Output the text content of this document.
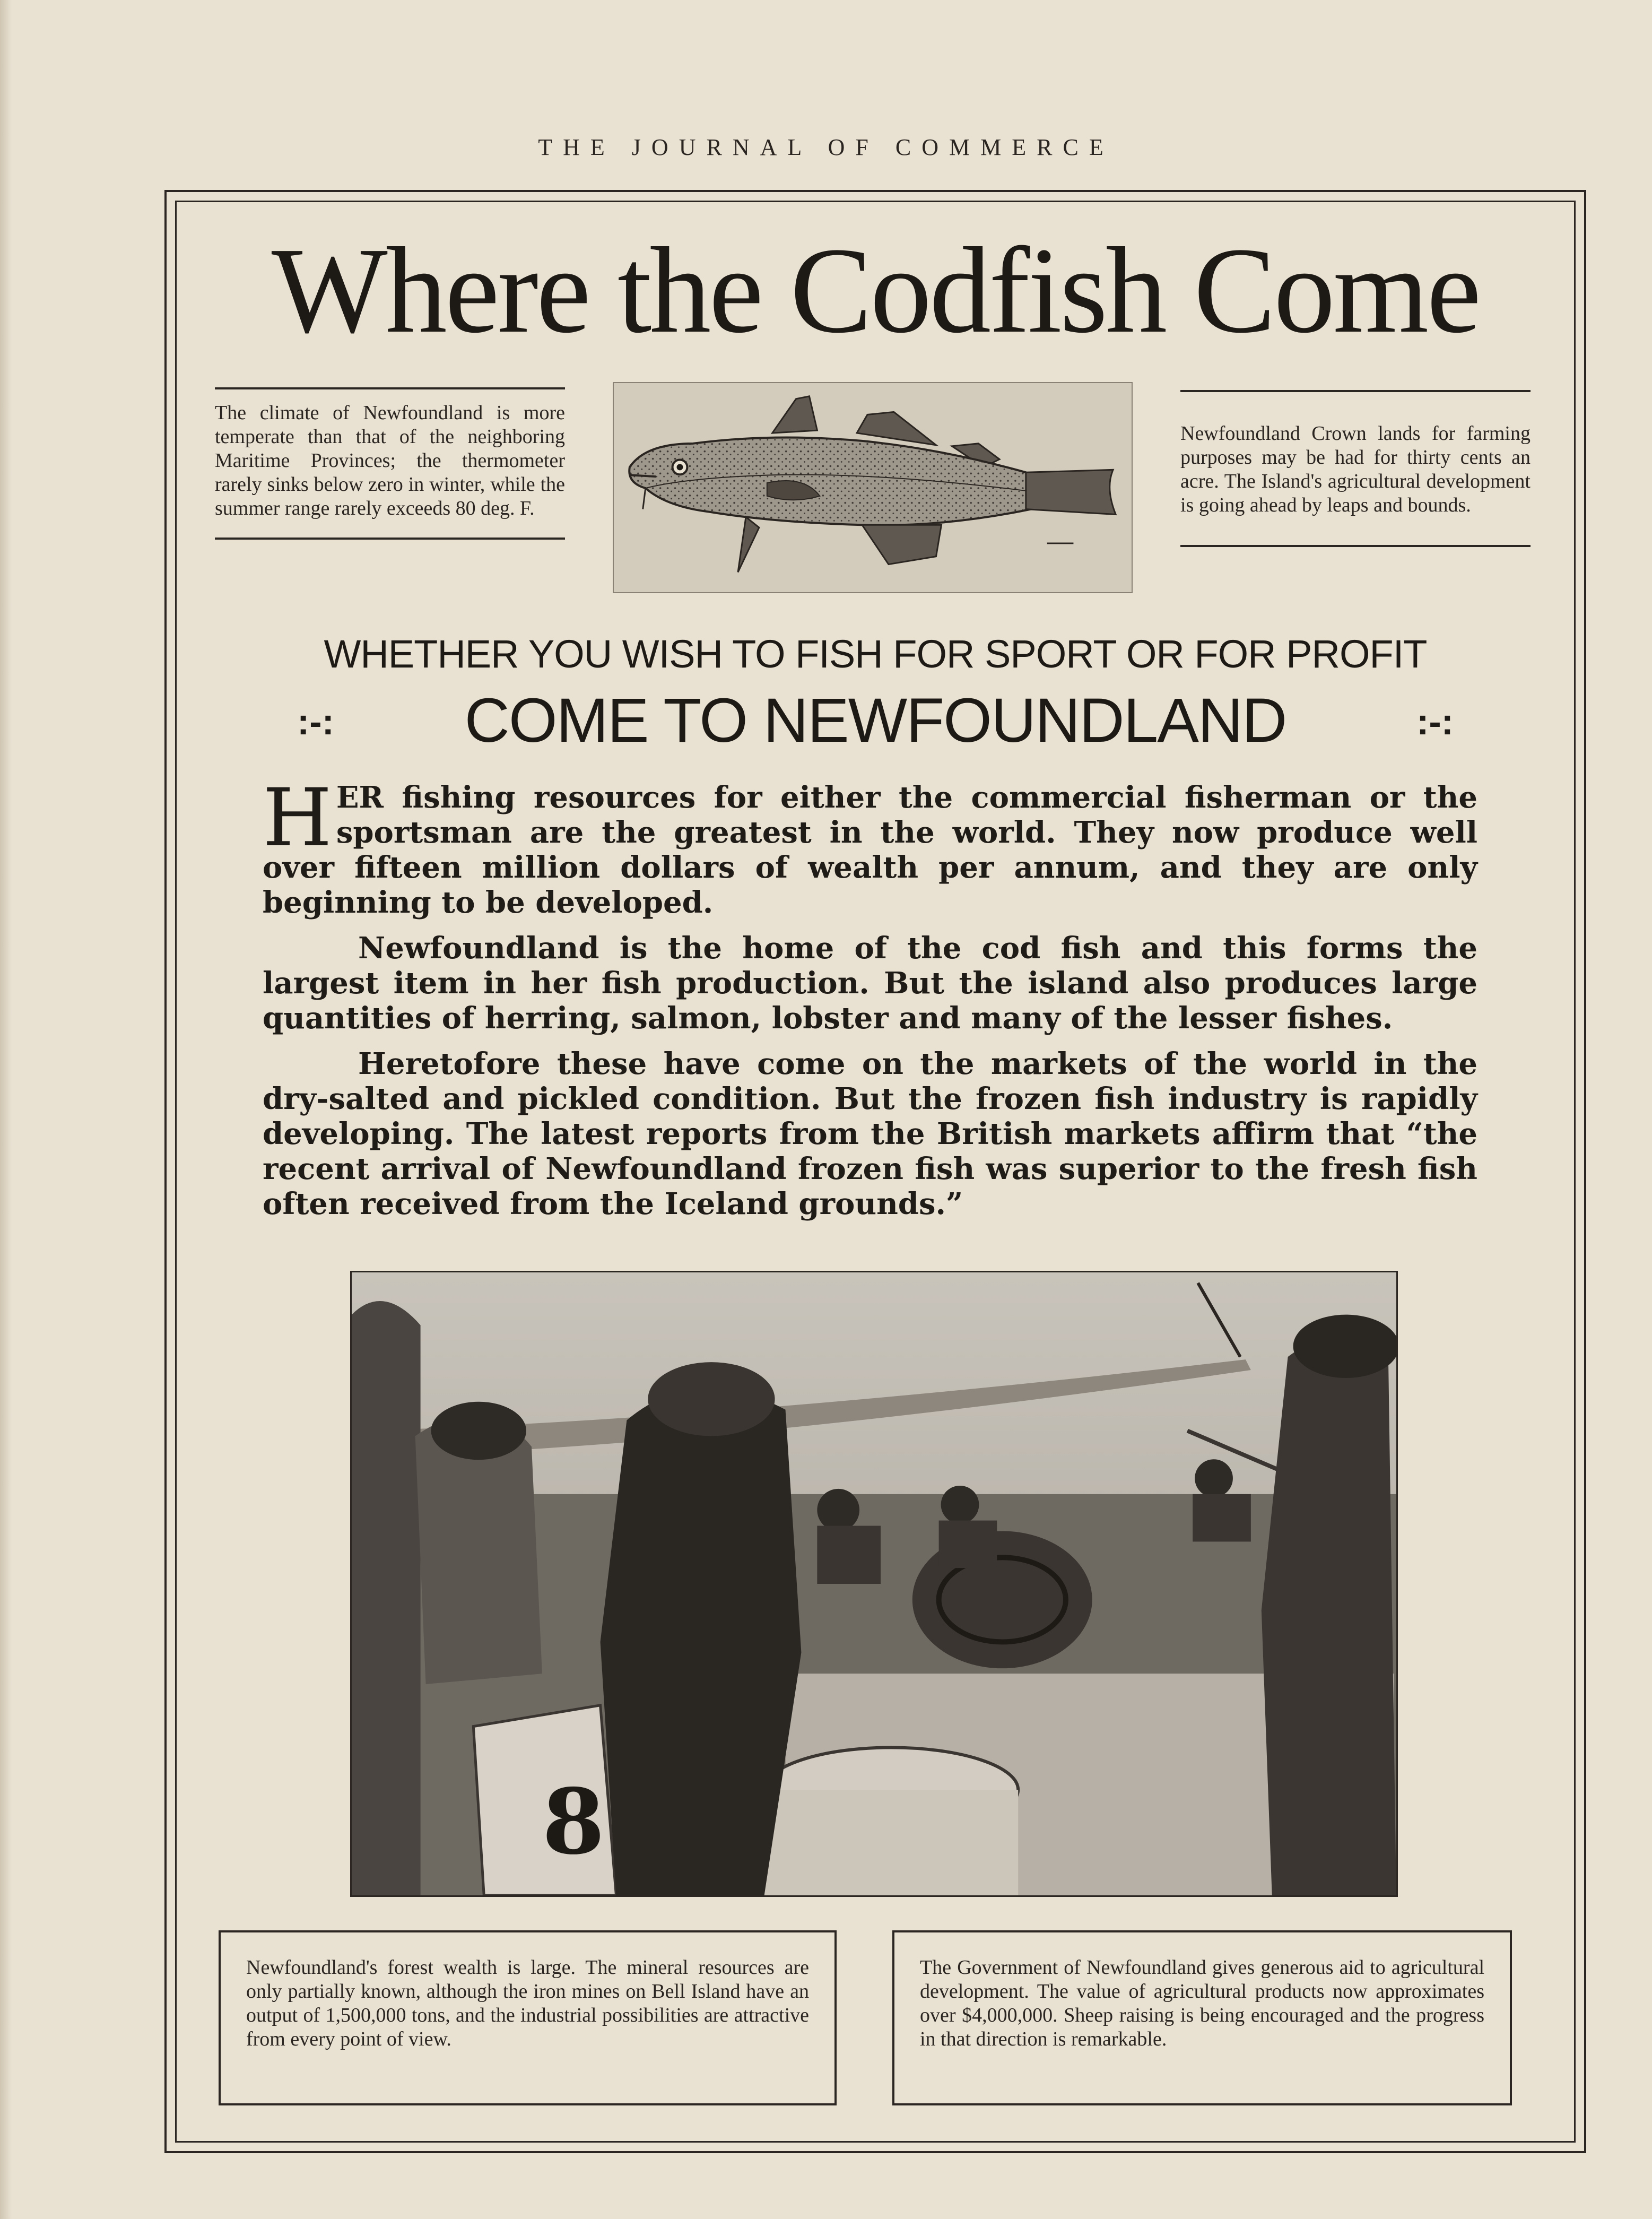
THE JOURNAL OF COMMERCE
Where the Codfish Come

The climate of Newfoundland is more temperate than that of the neighboring Maritime Provinces; the thermometer rarely sinks below zero in winter, while the summer range rarely exceeds 80 deg. F.

Newfoundland Crown lands for farming purposes may be had for thirty cents an acre. The Island's agricultural development is going ahead by leaps and bounds.

WHETHER YOU WISH TO FISH FOR SPORT OR FOR PROFIT
:-:	COME TO NEWFOUNDLAND	:-:

HER fishing resources for either the commercial fisherman or the sportsman are the greatest in the world. They now produce well over fifteen million dollars of wealth per annum, and they are only beginning to be developed.

Newfoundland is the home of the cod fish and this forms the largest item in her fish production. But the island also produces large quantities of herring, salmon, lobster and many of the lesser fishes.

Heretofore these have come on the markets of the world in the dry-salted and pickled condition. But the frozen fish industry is rapidly developing. The latest reports from the British markets affirm that “the recent arrival of Newfoundland frozen fish was superior to the fresh fish often received from the Iceland grounds.”

8

Newfoundland's forest wealth is large. The mineral resources are only partially known, although the iron mines on Bell Island have an output of 1,500,000 tons, and the industrial possibilities are attractive from every point of view.

The Government of Newfoundland gives generous aid to agricultural development. The value of agricultural products now approximates over $4,000,000. Sheep raising is being encouraged and the progress in that direction is remarkable.
